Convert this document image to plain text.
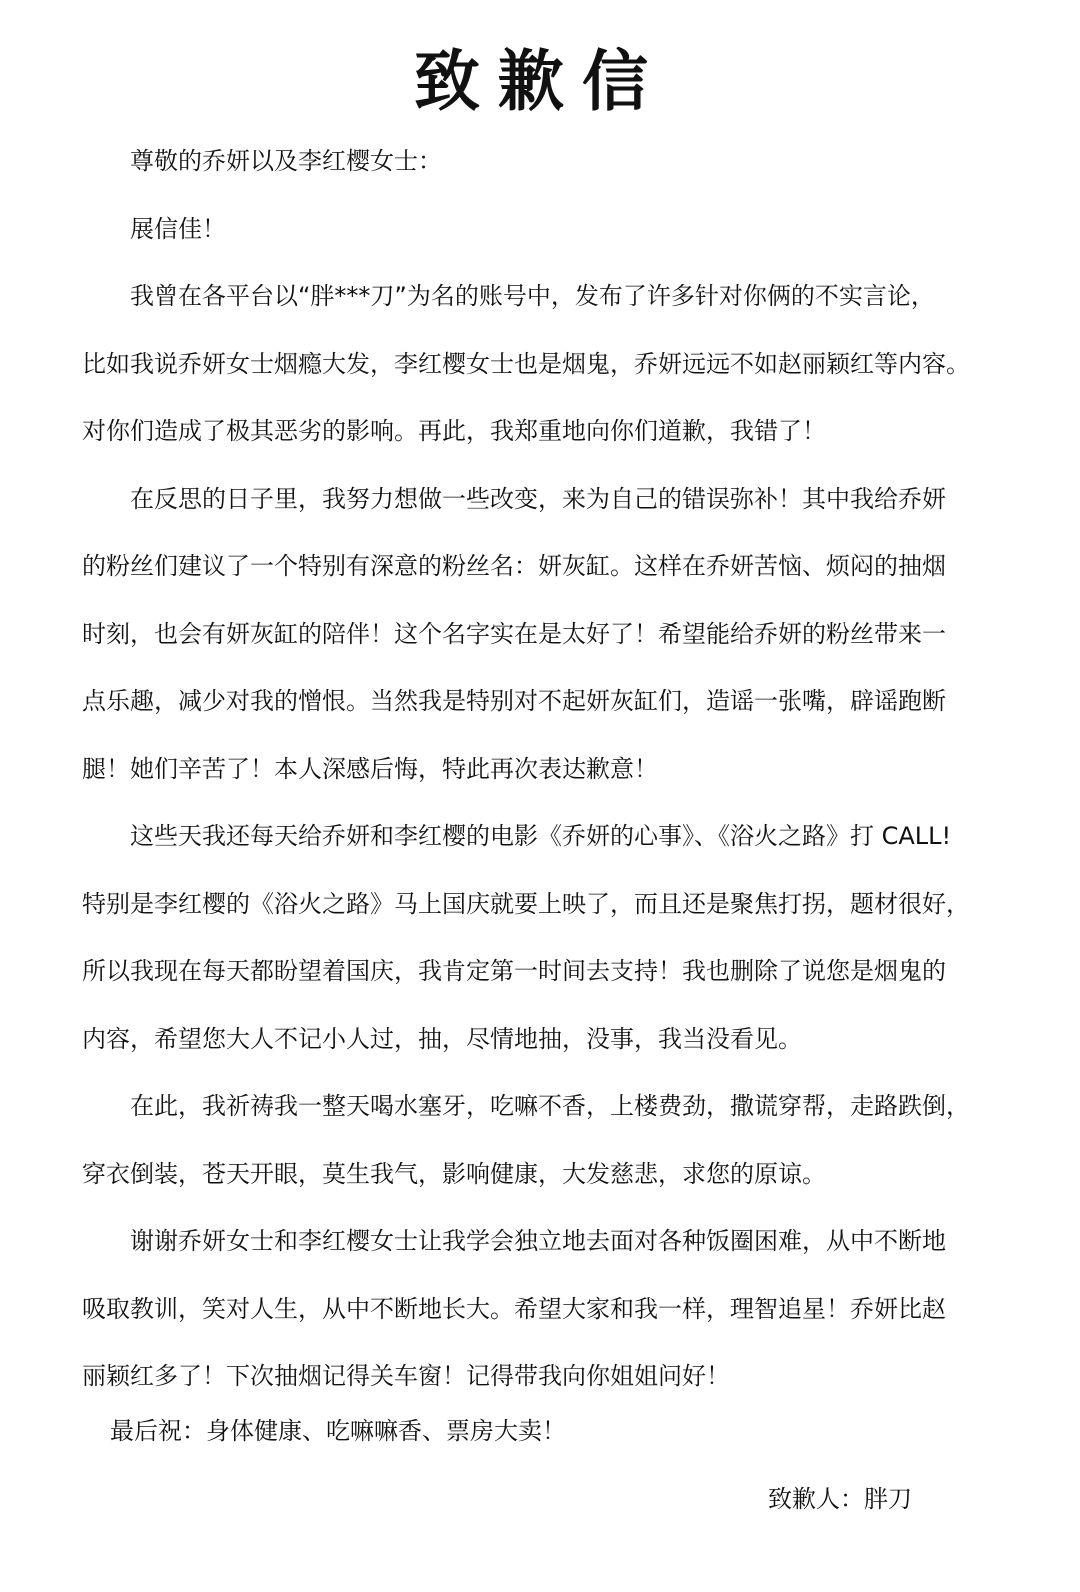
致歉信

尊敬的乔妍以及李红樱女士：

展信佳！

我曾在各平台以“胖***刀”为名的账号中，发布了许多针对你俩的不实言论，
比如我说乔妍女士烟瘾大发，李红樱女士也是烟鬼，乔妍远远不如赵丽颖红等内容。
对你们造成了极其恶劣的影响。再此，我郑重地向你们道歉，我错了！

在反思的日子里，我努力想做一些改变，来为自己的错误弥补！其中我给乔妍
的粉丝们建议了一个特别有深意的粉丝名：妍灰缸。这样在乔妍苦恼、烦闷的抽烟
时刻，也会有妍灰缸的陪伴！这个名字实在是太好了！希望能给乔妍的粉丝带来一
点乐趣，减少对我的憎恨。当然我是特别对不起妍灰缸们，造谣一张嘴，辟谣跑断
腿！她们辛苦了！本人深感后悔，特此再次表达歉意！

这些天我还每天给乔妍和李红樱的电影《乔妍的心事》、《浴火之路》打 CALL!
特别是李红樱的《浴火之路》马上国庆就要上映了，而且还是聚焦打拐，题材很好，
所以我现在每天都盼望着国庆，我肯定第一时间去支持！我也删除了说您是烟鬼的
内容，希望您大人不记小人过，抽，尽情地抽，没事，我当没看见。

在此，我祈祷我一整天喝水塞牙，吃嘛不香，上楼费劲，撒谎穿帮，走路跌倒，
穿衣倒装，苍天开眼，莫生我气，影响健康，大发慈悲，求您的原谅。

谢谢乔妍女士和李红樱女士让我学会独立地去面对各种饭圈困难，从中不断地
吸取教训，笑对人生，从中不断地长大。希望大家和我一样，理智追星！乔妍比赵
丽颖红多了！下次抽烟记得关车窗！记得带我向你姐姐问好！

最后祝：身体健康、吃嘛嘛香、票房大卖！
致歉人：胖刀
